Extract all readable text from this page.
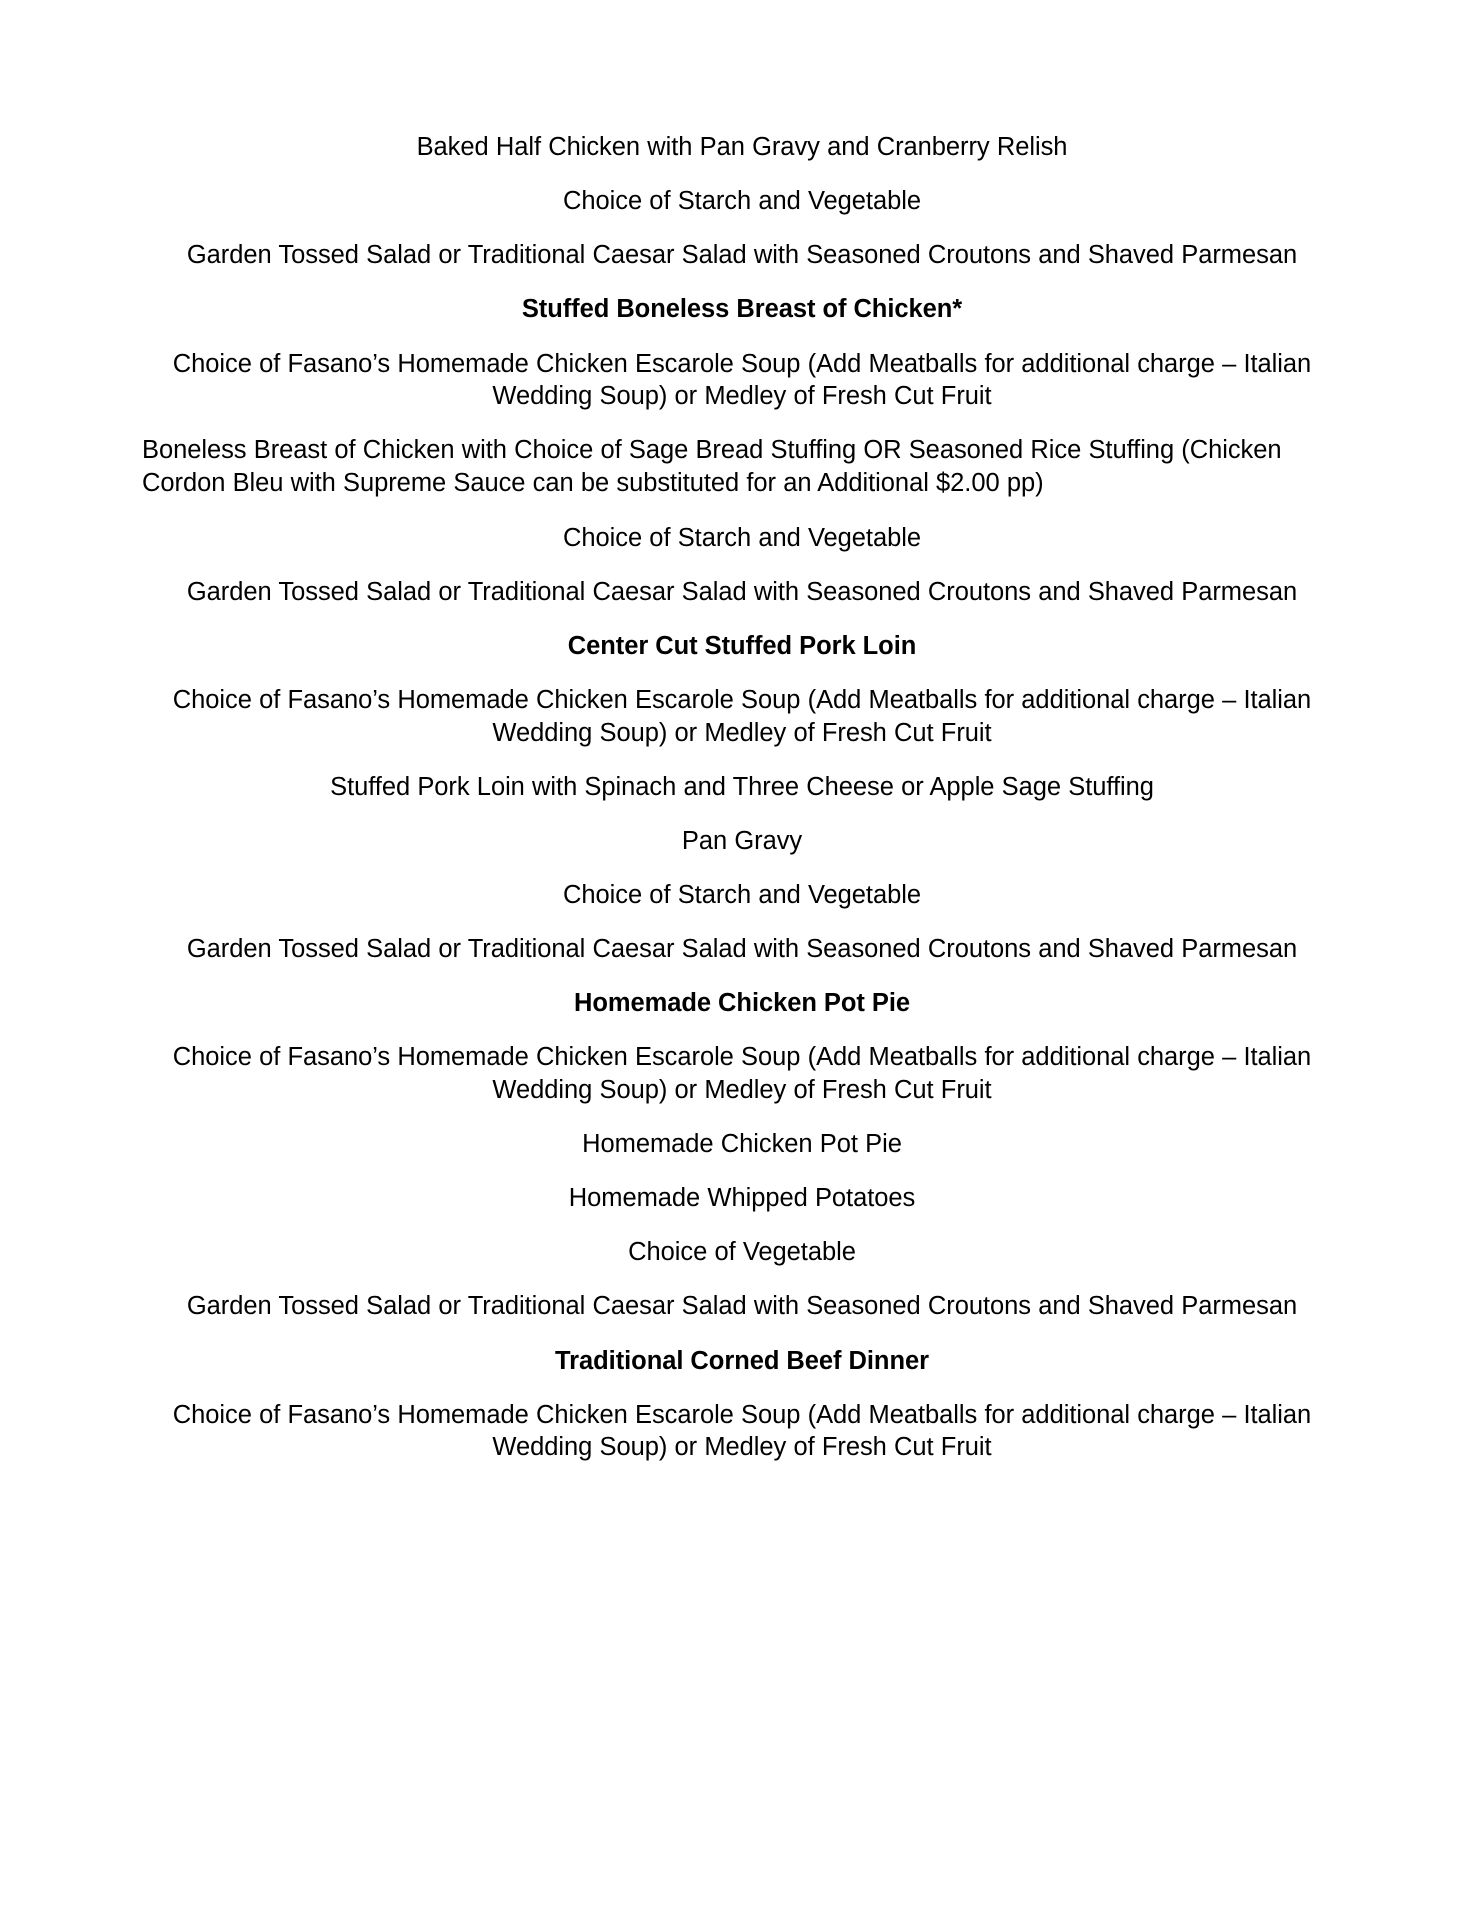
Baked Half Chicken with Pan Gravy and Cranberry Relish

Choice of Starch and Vegetable

Garden Tossed Salad or Traditional Caesar Salad with Seasoned Croutons and Shaved Parmesan

Stuffed Boneless Breast of Chicken*

Choice of Fasano’s Homemade Chicken Escarole Soup (Add Meatballs for additional charge – Italian Wedding Soup) or Medley of Fresh Cut Fruit

Boneless Breast of Chicken with Choice of Sage Bread Stuffing OR Seasoned Rice Stuffing (Chicken Cordon Bleu with Supreme Sauce can be substituted for an Additional $2.00 pp)

Choice of Starch and Vegetable

Garden Tossed Salad or Traditional Caesar Salad with Seasoned Croutons and Shaved Parmesan

Center Cut Stuffed Pork Loin

Choice of Fasano’s Homemade Chicken Escarole Soup (Add Meatballs for additional charge – Italian Wedding Soup) or Medley of Fresh Cut Fruit

Stuffed Pork Loin with Spinach and Three Cheese or Apple Sage Stuffing

Pan Gravy

Choice of Starch and Vegetable

Garden Tossed Salad or Traditional Caesar Salad with Seasoned Croutons and Shaved Parmesan

Homemade Chicken Pot Pie

Choice of Fasano’s Homemade Chicken Escarole Soup (Add Meatballs for additional charge – Italian Wedding Soup) or Medley of Fresh Cut Fruit

Homemade Chicken Pot Pie

Homemade Whipped Potatoes

Choice of Vegetable

Garden Tossed Salad or Traditional Caesar Salad with Seasoned Croutons and Shaved Parmesan

Traditional Corned Beef Dinner

Choice of Fasano’s Homemade Chicken Escarole Soup (Add Meatballs for additional charge – Italian Wedding Soup) or Medley of Fresh Cut Fruit
